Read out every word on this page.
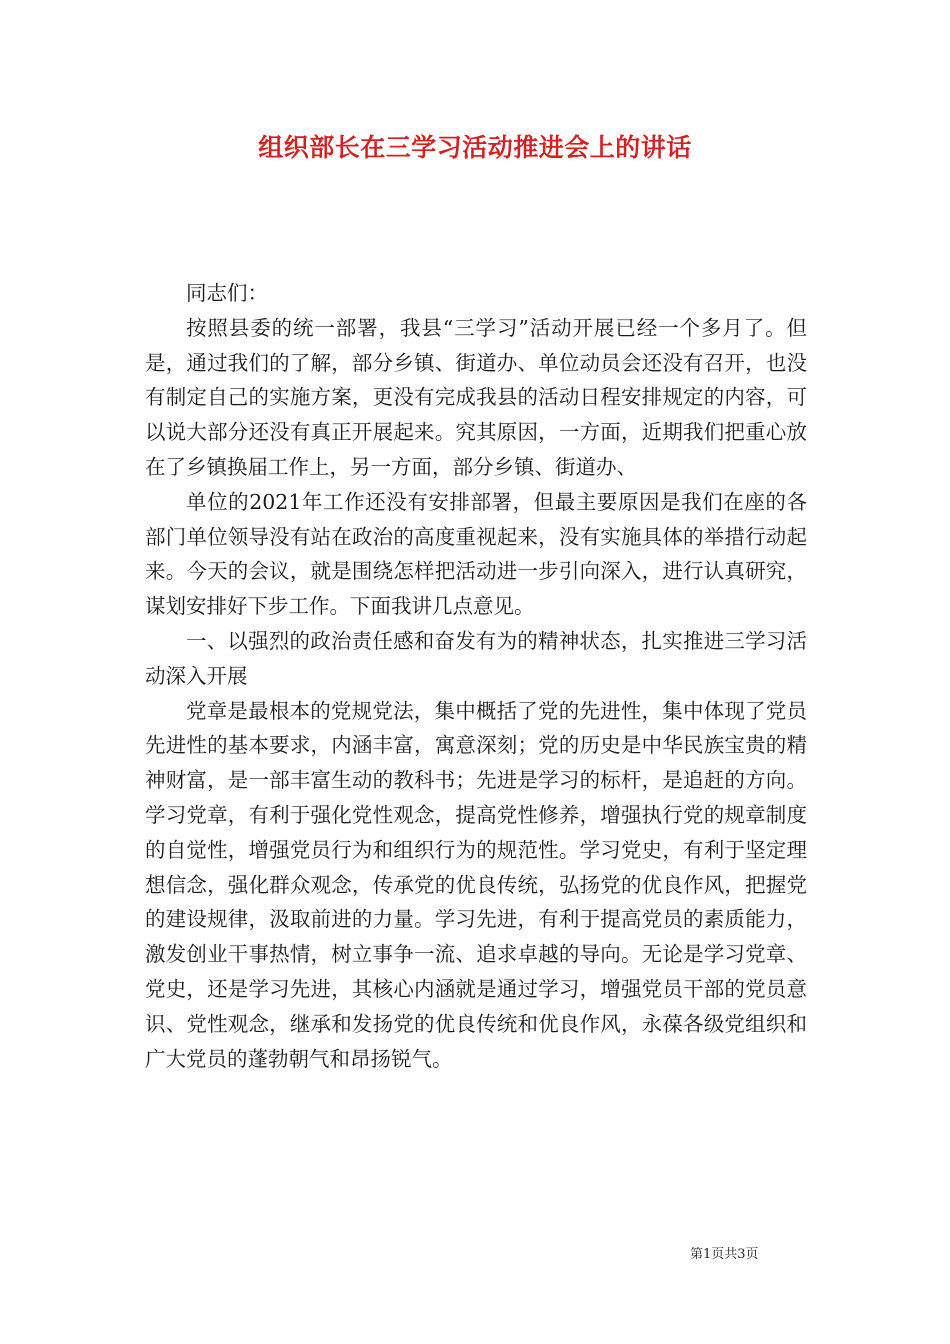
组织部长在三学习活动推进会上的讲话

同志们：

按照县委的统一部署，我县“三学习”活动开展已经一个多月了。但是，通过我们的了解，部分乡镇、街道办、单位动员会还没有召开，也没有制定自己的实施方案，更没有完成我县的活动日程安排规定的内容，可以说大部分还没有真正开展起来。究其原因，一方面，近期我们把重心放在了乡镇换届工作上，另一方面，部分乡镇、街道办、

单位的2021年工作还没有安排部署，但最主要原因是我们在座的各部门单位领导没有站在政治的高度重视起来，没有实施具体的举措行动起来。今天的会议，就是围绕怎样把活动进一步引向深入，进行认真研究，谋划安排好下步工作。下面我讲几点意见。

一、以强烈的政治责任感和奋发有为的精神状态，扎实推进三学习活动深入开展

党章是最根本的党规党法，集中概括了党的先进性，集中体现了党员先进性的基本要求，内涵丰富，寓意深刻；党的历史是中华民族宝贵的精神财富，是一部丰富生动的教科书；先进是学习的标杆，是追赶的方向。学习党章，有利于强化党性观念，提高党性修养，增强执行党的规章制度的自觉性，增强党员行为和组织行为的规范性。学习党史，有利于坚定理想信念，强化群众观念，传承党的优良传统，弘扬党的优良作风，把握党的建设规律，汲取前进的力量。学习先进，有利于提高党员的素质能力，激发创业干事热情，树立事争一流、追求卓越的导向。无论是学习党章、党史，还是学习先进，其核心内涵就是通过学习，增强党员干部的党员意识、党性观念，继承和发扬党的优良传统和优良作风，永葆各级党组织和广大党员的蓬勃朝气和昂扬锐气。

第1页共3页
